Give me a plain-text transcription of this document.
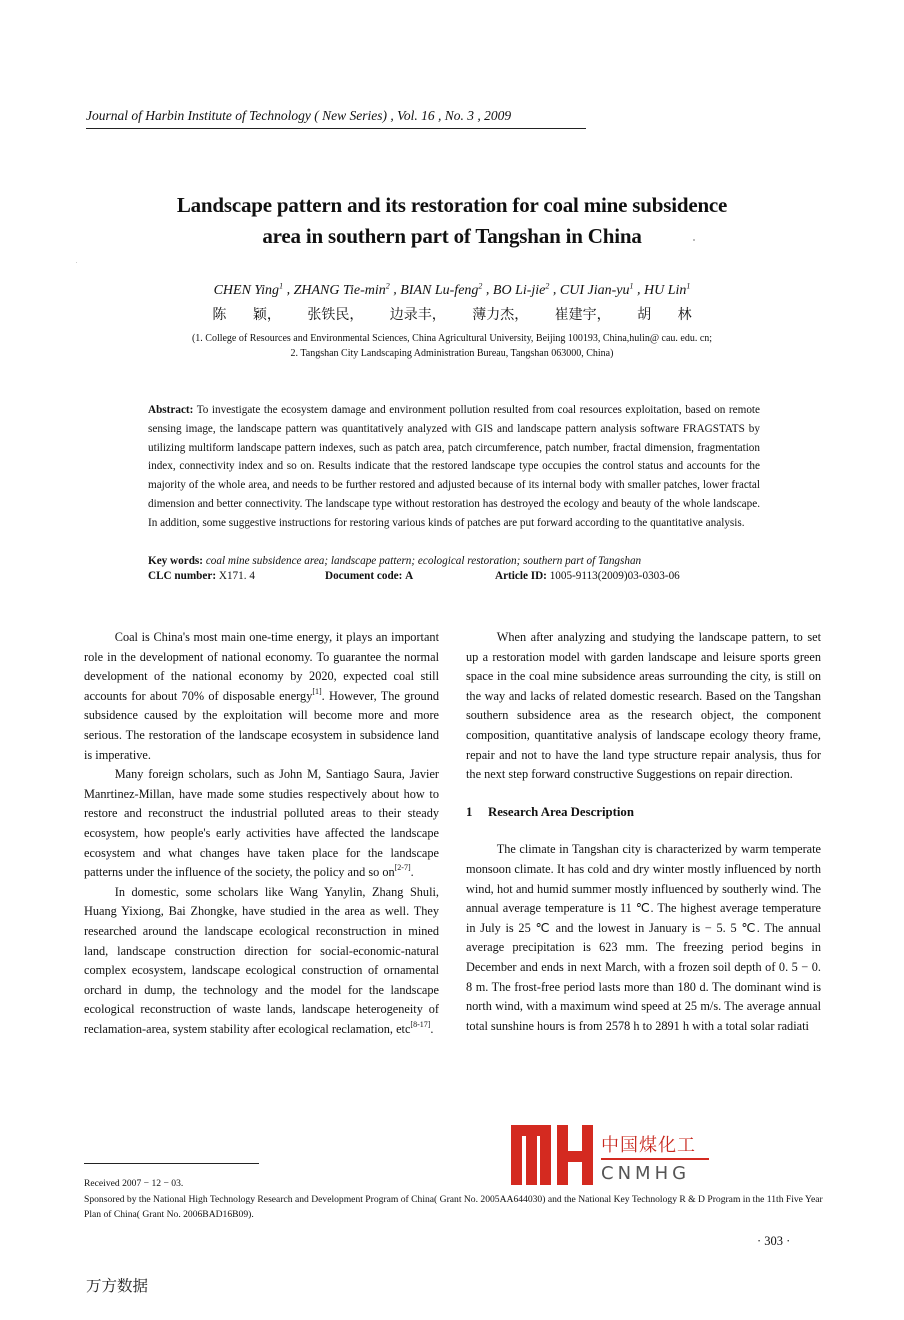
Journal of Harbin Institute of Technology ( New Series) , Vol. 16 , No. 3 , 2009
Landscape pattern and its restoration for coal mine subsidence
area in southern part of Tangshan in China
CHEN Ying$^1$ , ZHANG Tie-$\min^2$ , BIAN Lu-feng$^2$ , BO Li-jie$^2$ , CUI Jian-$yu^1$ , HU Lin$^1$
陈 颖， 张铁民， 边录丰， 薄力杰， 崔建宇， 胡 林
(1. College of Resources and Environmental Sciences, China Agricultural University, Beijing 100193, China,hulin@ cau. edu. cn;
2. Tangshan City Landscaping Administration Bureau, Tangshan 063000, China)
Abstract: To investigate the ecosystem damage and environment pollution resulted from coal resources exploitation, based on remote sensing image, the landscape pattern was quantitatively analyzed with GIS and landscape pattern analysis software FRAGSTATS by utilizing multiform landscape pattern indexes, such as patch area, patch circumference, patch number, fractal dimension, fragmentation index, connectivity index and so on. Results indicate that the restored landscape type occupies the control status and accounts for the majority of the whole area, and needs to be further restored and adjusted because of its internal body with smaller patches, lower fractal dimension and better connectivity. The landscape type without restoration has destroyed the ecology and beauty of the whole landscape. In addition, some suggestive instructions for restoring various kinds of patches are put forward according to the quantitative analysis.
Key words: coal mine subsidence area; landscape pattern; ecological restoration; southern part of Tangshan
CLC number: X171. 4	Document code: A	Article ID: 1005-9113(2009)03-0303-06

Coal is China's most main one-time energy, it plays an important role in the development of national economy. To guarantee the normal development of the national economy by 2020, expected coal still accounts for about 70% of disposable energy[1]. However, The ground subsidence caused by the exploitation will become more and more serious. The restoration of the landscape ecosystem in subsidence land is imperative.

Many foreign scholars, such as John M, Santiago Saura, Javier Manrtinez-Millan, have made some studies respectively about how to restore and reconstruct the industrial polluted areas to their steady ecosystem, how people's early activities have affected the landscape ecosystem and what changes have taken place for the landscape patterns under the influence of the society, the policy and so on[2-7].

In domestic, some scholars like Wang Yanylin, Zhang Shuli, Huang Yixiong, Bai Zhongke, have studied in the area as well. They researched around the landscape ecological reconstruction in mined land, landscape construction direction for social-economic-natural complex ecosystem, landscape ecological construction of ornamental orchard in dump, the technology and the model for the landscape ecological reconstruction of waste lands, landscape heterogeneity of reclamation-area, system stability after ecological reclamation, etc[8-17].

When after analyzing and studying the landscape pattern, to set up a restoration model with garden landscape and leisure sports green space in the coal mine subsidence areas surrounding the city, is still on the way and lacks of related domestic research. Based on the Tangshan southern subsidence area as the research object, the component composition, quantitative analysis of landscape ecology theory frame, repair and not to have the land type structure repair analysis, thus for the next step forward constructive Suggestions on repair direction.

1 Research Area Description

The climate in Tangshan city is characterized by warm temperate monsoon climate. It has cold and dry winter mostly influenced by north wind, hot and humid summer mostly influenced by southerly wind. The annual average temperature is 11 ℃. The highest average temperature in July is 25 ℃ and the lowest in January is − 5. 5 ℃. The annual average precipitation is 623 mm. The freezing period begins in December and ends in next March, with a frozen soil depth of 0. 5 − 0. 8 m. The frost-free period lasts more than 180 d. The dominant wind is north wind, with a maximum wind speed at 25 m/s. The average annual total sunshine hours is from 2578 h to 2891 h with a total solar radiati

中国煤化工
CNMHG
Received 2007 − 12 − 03.
Sponsored by the National High Technology Research and Development Program of China( Grant No. 2005AA644030) and the National Key Technology R & D Program in the 11th Five Year Plan of China( Grant No. 2006BAD16B09).
· 303 ·
万方数据
